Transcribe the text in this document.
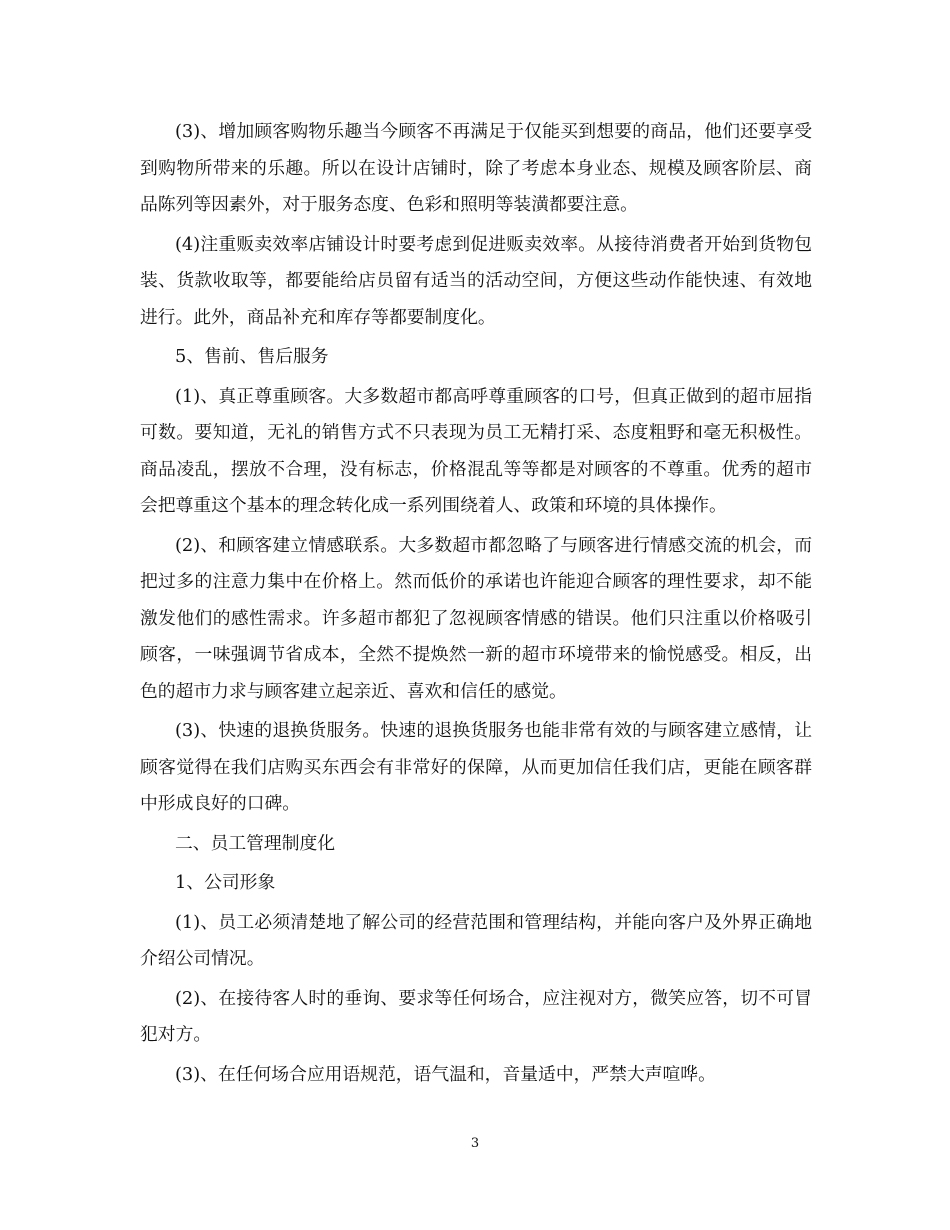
(3)、增加顾客购物乐趣当今顾客不再满足于仅能买到想要的商品，他们还要享受到购物所带来的乐趣。所以在设计店铺时，除了考虑本身业态、规模及顾客阶层、商品陈列等因素外，对于服务态度、色彩和照明等装潢都要注意。

(4)注重贩卖效率店铺设计时要考虑到促进贩卖效率。从接待消费者开始到货物包装、货款收取等，都要能给店员留有适当的活动空间，方便这些动作能快速、有效地进行。此外，商品补充和库存等都要制度化。

5、售前、售后服务

(1)、真正尊重顾客。大多数超市都高呼尊重顾客的口号，但真正做到的超市屈指可数。要知道，无礼的销售方式不只表现为员工无精打采、态度粗野和毫无积极性。商品凌乱，摆放不合理，没有标志，价格混乱等等都是对顾客的不尊重。优秀的超市会把尊重这个基本的理念转化成一系列围绕着人、政策和环境的具体操作。

(2)、和顾客建立情感联系。大多数超市都忽略了与顾客进行情感交流的机会，而把过多的注意力集中在价格上。然而低价的承诺也许能迎合顾客的理性要求，却不能激发他们的感性需求。许多超市都犯了忽视顾客情感的错误。他们只注重以价格吸引顾客，一味强调节省成本，全然不提焕然一新的超市环境带来的愉悦感受。相反，出色的超市力求与顾客建立起亲近、喜欢和信任的感觉。

(3)、快速的退换货服务。快速的退换货服务也能非常有效的与顾客建立感情，让顾客觉得在我们店购买东西会有非常好的保障，从而更加信任我们店，更能在顾客群中形成良好的口碑。

二、员工管理制度化

1、公司形象

(1)、员工必须清楚地了解公司的经营范围和管理结构，并能向客户及外界正确地介绍公司情况。

(2)、在接待客人时的垂询、要求等任何场合，应注视对方，微笑应答，切不可冒犯对方。

(3)、在任何场合应用语规范，语气温和，音量适中，严禁大声喧哗。

3
